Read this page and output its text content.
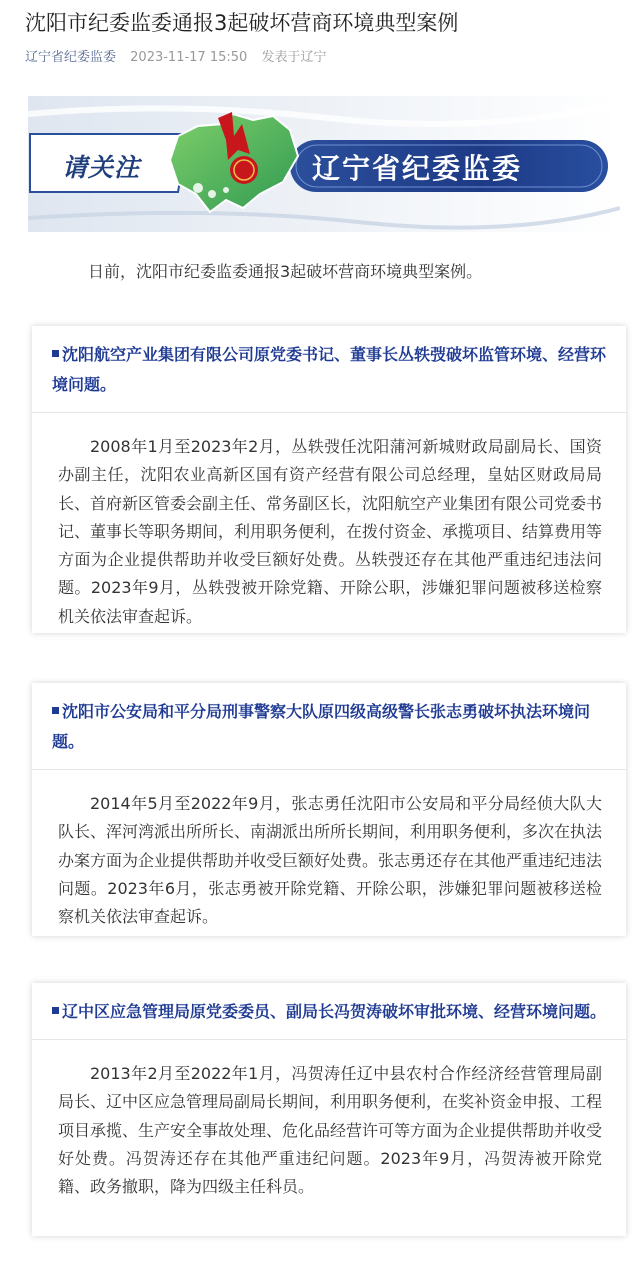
沈阳市纪委监委通报3起破坏营商环境典型案例
辽宁省纪委监委 2023-11-17 15:50 发表于辽宁
请关注	辽宁省纪委监委
日前，沈阳市纪委监委通报3起破坏营商环境典型案例。
沈阳航空产业集团有限公司原党委书记、董事长丛轶弢破坏监管环境、经营环境问题。
2008年1月至2023年2月，丛轶弢任沈阳蒲河新城财政局副局长、国资办副主任，沈阳农业高新区国有资产经营有限公司总经理，皇姑区财政局局长、首府新区管委会副主任、常务副区长，沈阳航空产业集团有限公司党委书记、董事长等职务期间，利用职务便利，在拨付资金、承揽项目、结算费用等方面为企业提供帮助并收受巨额好处费。丛轶弢还存在其他严重违纪违法问题。2023年9月，丛轶弢被开除党籍、开除公职，涉嫌犯罪问题被移送检察机关依法审查起诉。
沈阳市公安局和平分局刑事警察大队原四级高级警长张志勇破坏执法环境问题。
2014年5月至2022年9月，张志勇任沈阳市公安局和平分局经侦大队大队长、浑河湾派出所所长、南湖派出所所长期间，利用职务便利，多次在执法办案方面为企业提供帮助并收受巨额好处费。张志勇还存在其他严重违纪违法问题。2023年6月，张志勇被开除党籍、开除公职，涉嫌犯罪问题被移送检察机关依法审查起诉。
辽中区应急管理局原党委委员、副局长冯贺涛破坏审批环境、经营环境问题。
2013年2月至2022年1月，冯贺涛任辽中县农村合作经济经营管理局副局长、辽中区应急管理局副局长期间，利用职务便利，在奖补资金申报、工程项目承揽、生产安全事故处理、危化品经营许可等方面为企业提供帮助并收受好处费。冯贺涛还存在其他严重违纪问题。2023年9月，冯贺涛被开除党籍、政务撤职，降为四级主任科员。
